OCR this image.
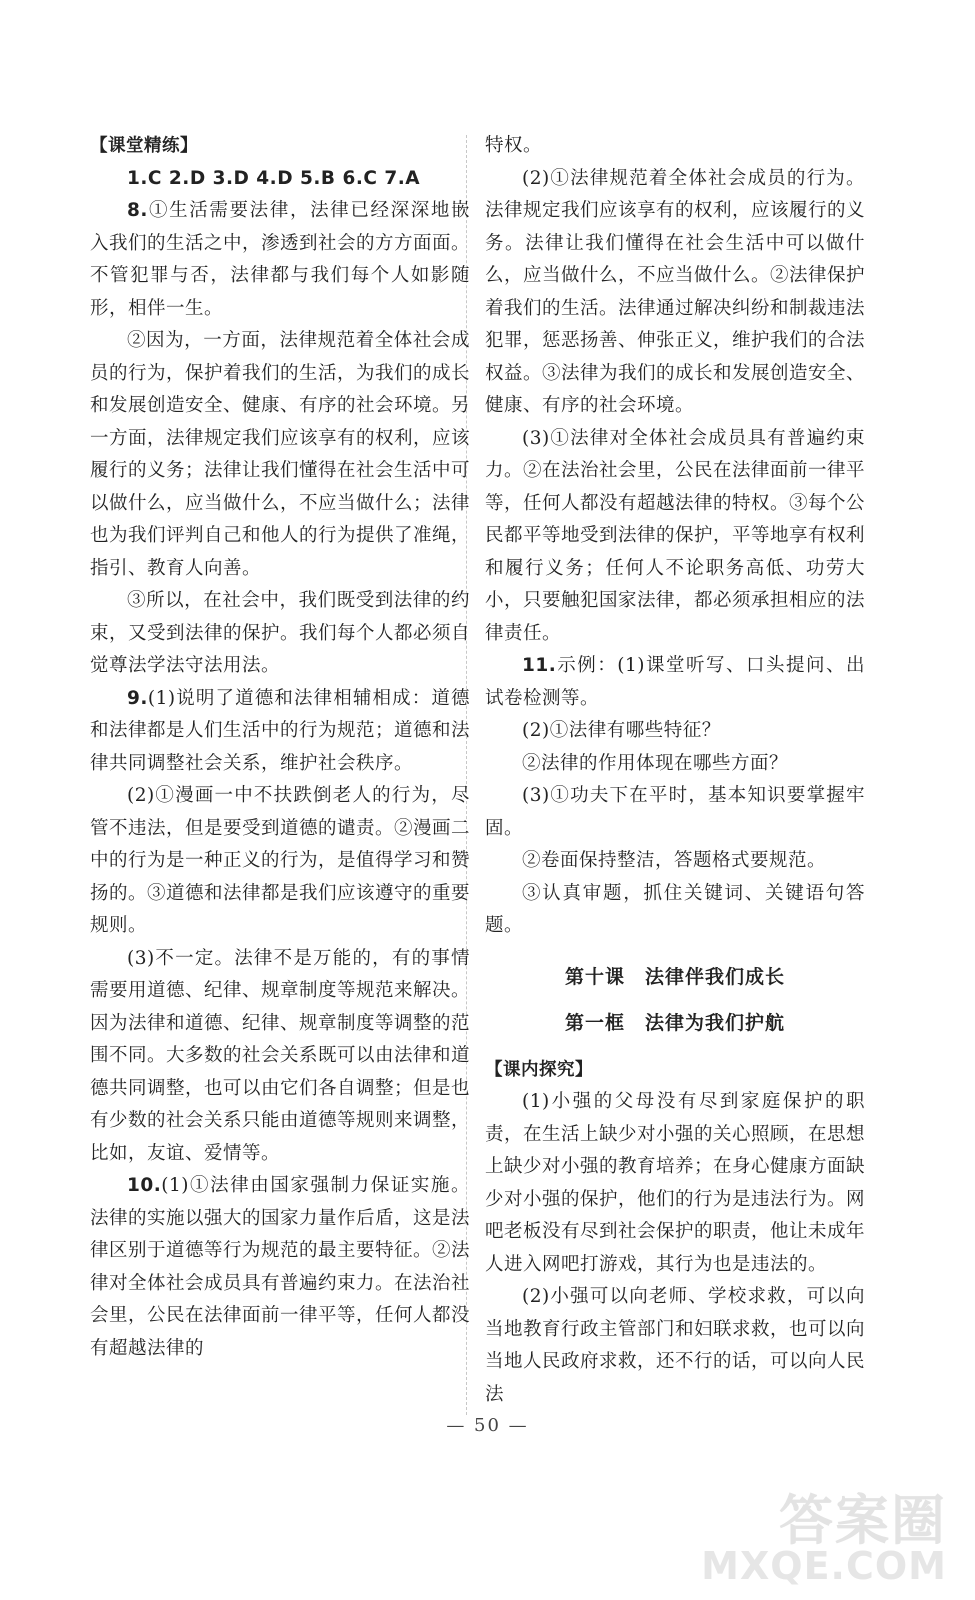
【课堂精练】

1.C 2.D 3.D 4.D 5.B 6.C 7.A

8.①生活需要法律，法律已经深深地嵌入我们的生活之中，渗透到社会的方方面面。不管犯罪与否，法律都与我们每个人如影随形，相伴一生。

②因为，一方面，法律规范着全体社会成员的行为，保护着我们的生活，为我们的成长和发展创造安全、健康、有序的社会环境。另一方面，法律规定我们应该享有的权利，应该履行的义务；法律让我们懂得在社会生活中可以做什么，应当做什么，不应当做什么；法律也为我们评判自己和他人的行为提供了准绳，指引、教育人向善。

③所以，在社会中，我们既受到法律的约束，又受到法律的保护。我们每个人都必须自觉尊法学法守法用法。

9.(1)说明了道德和法律相辅相成：道德和法律都是人们生活中的行为规范；道德和法律共同调整社会关系，维护社会秩序。

(2)①漫画一中不扶跌倒老人的行为，尽管不违法，但是要受到道德的谴责。②漫画二中的行为是一种正义的行为，是值得学习和赞扬的。③道德和法律都是我们应该遵守的重要规则。

(3)不一定。法律不是万能的，有的事情需要用道德、纪律、规章制度等规范来解决。因为法律和道德、纪律、规章制度等调整的范围不同。大多数的社会关系既可以由法律和道德共同调整，也可以由它们各自调整；但是也有少数的社会关系只能由道德等规则来调整，比如，友谊、爱情等。

10.(1)①法律由国家强制力保证实施。法律的实施以强大的国家力量作后盾，这是法律区别于道德等行为规范的最主要特征。②法律对全体社会成员具有普遍约束力。在法治社会里，公民在法律面前一律平等，任何人都没有超越法律的

特权。

(2)①法律规范着全体社会成员的行为。法律规定我们应该享有的权利，应该履行的义务。法律让我们懂得在社会生活中可以做什么，应当做什么，不应当做什么。②法律保护着我们的生活。法律通过解决纠纷和制裁违法犯罪，惩恶扬善、伸张正义，维护我们的合法权益。③法律为我们的成长和发展创造安全、健康、有序的社会环境。

(3)①法律对全体社会成员具有普遍约束力。②在法治社会里，公民在法律面前一律平等，任何人都没有超越法律的特权。③每个公民都平等地受到法律的保护，平等地享有权利和履行义务；任何人不论职务高低、功劳大小，只要触犯国家法律，都必须承担相应的法律责任。

11.示例：(1)课堂听写、口头提问、出试卷检测等。

(2)①法律有哪些特征？

②法律的作用体现在哪些方面？

(3)①功夫下在平时，基本知识要掌握牢固。

②卷面保持整洁，答题格式要规范。

③认真审题，抓住关键词、关键语句答题。

第十课　法律伴我们成长

第一框　法律为我们护航

【课内探究】

(1)小强的父母没有尽到家庭保护的职责，在生活上缺少对小强的关心照顾，在思想上缺少对小强的教育培养；在身心健康方面缺少对小强的保护，他们的行为是违法行为。网吧老板没有尽到社会保护的职责，他让未成年人进入网吧打游戏，其行为也是违法的。

(2)小强可以向老师、学校求救，可以向当地教育行政主管部门和妇联求救，也可以向当地人民政府求救，还不行的话，可以向人民法

— 50 —
答案圈
MXQE.COM
